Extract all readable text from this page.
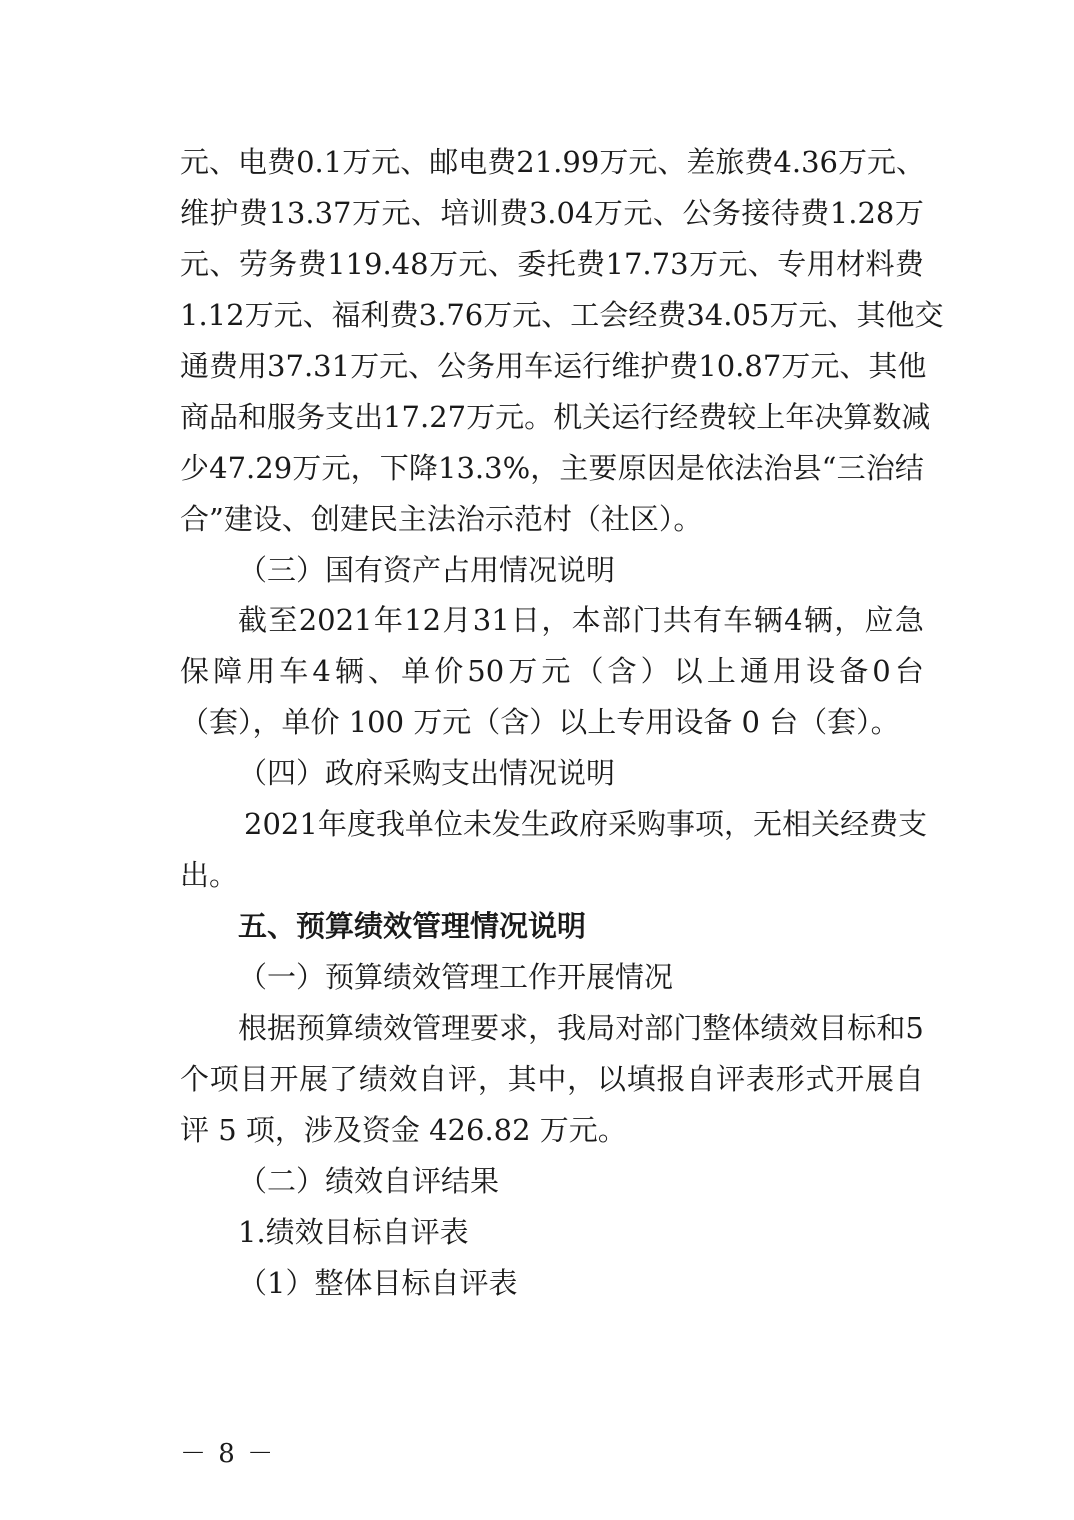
元 、 电 费 0.1 万 元 、 邮 电 费 21.99 万 元 、 差 旅 费 4.36 万 元 、
维 护 费 13.37 万 元 、 培 训 费 3.04 万 元 、 公 务 接 待 费 1.28 万
元 、 劳 务 费 119.48 万 元 、 委 托 费 17.73 万 元 、 专 用 材 料 费
1.12 万 元 、 福 利 费 3.76 万 元 、 工 会 经 费 34.05 万 元 、 其 他 交
通 费 用 37.31 万 元 、 公 务 用 车 运 行 维 护 费 10.87 万 元 、 其 他
商 品 和 服 务 支 出 17.27 万 元 。 机 关 运 行 经 费 较 上 年 决 算 数 减
少 47.29 万 元 ， 下 降 13.3% ， 主 要 原 因 是 依 法 治 县 “ 三 治 结
合”建设、创建民主法治示范村（社区）。
（三）国有资产占用情况说明
截 至 2021 年 12 月 31 日 ， 本 部 门 共 有 车 辆 4 辆 ， 应 急
保 障 用 车 4 辆 、 单 价 50 万 元 （ 含 ） 以 上 通 用 设 备 0 台
（套），单价 100 万元（含）以上专用设备 0 台（套）。
（四）政府采购支出情况说明
2021 年 度 我 单 位 未 发 生 政 府 采 购 事 项 ， 无 相 关 经 费 支
出。
五、预算绩效管理情况说明
（一）预算绩效管理工作开展情况
根 据 预 算 绩 效 管 理 要 求 ， 我 局 对 部 门 整 体 绩 效 目 标 和 5
个 项 目 开 展 了 绩 效 自 评 ， 其 中 ， 以 填 报 自 评 表 形 式 开 展 自
评 5 项，涉及资金 426.82 万元。
（二）绩效自评结果
1.绩效目标自评表
（1）整体目标自评表
－ 8 －
